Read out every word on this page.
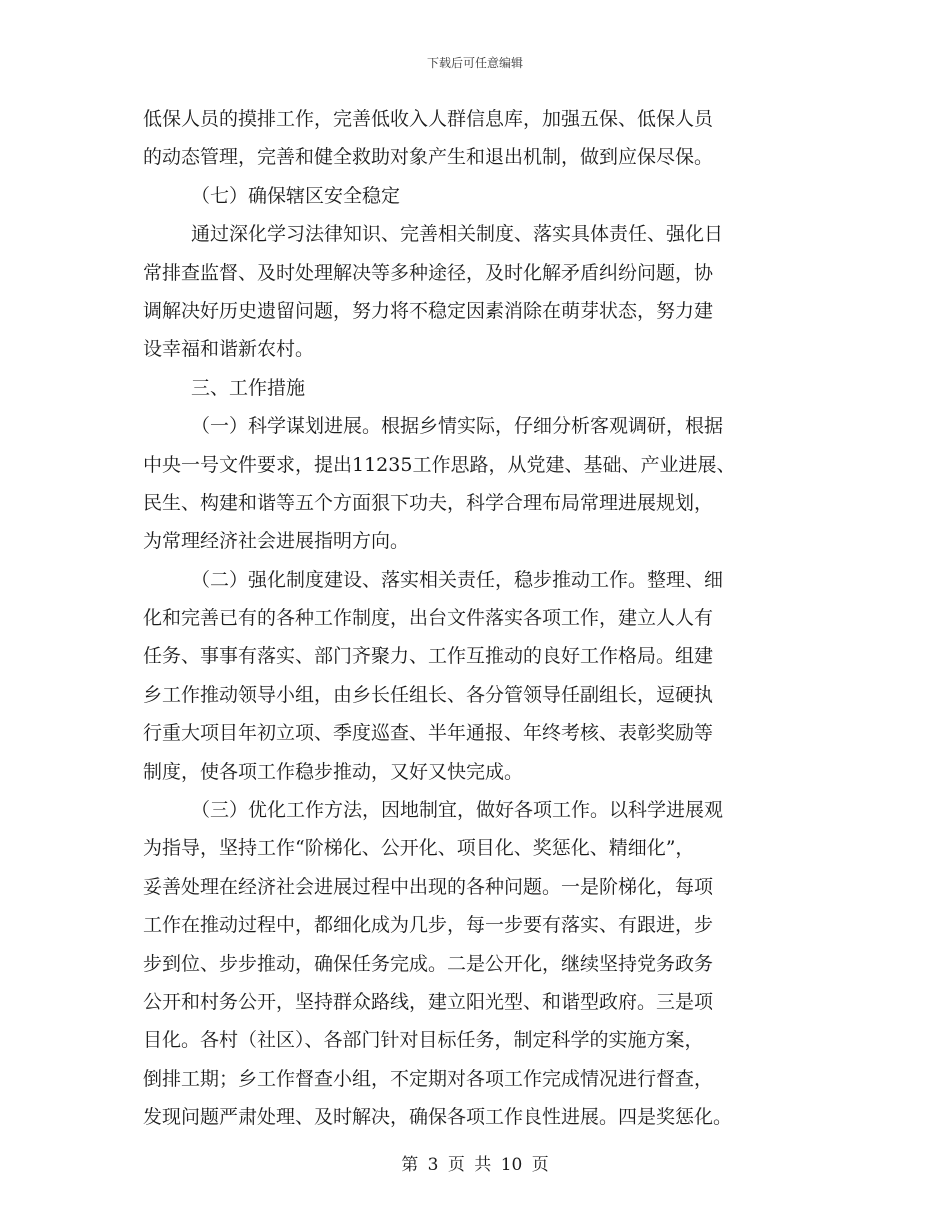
下载后可任意编辑
低保人员的摸排工作，完善低收入人群信息库，加强五保、低保人员
的动态管理，完善和健全救助对象产生和退出机制，做到应保尽保。
（七）确保辖区安全稳定
通过深化学习法律知识、完善相关制度、落实具体责任、强化日
常排查监督、及时处理解决等多种途径，及时化解矛盾纠纷问题，协
调解决好历史遗留问题，努力将不稳定因素消除在萌芽状态，努力建
设幸福和谐新农村。
三、工作措施
（一）科学谋划进展。根据乡情实际，仔细分析客观调研，根据
中央一号文件要求，提出11235工作思路，从党建、基础、产业进展、
民生、构建和谐等五个方面狠下功夫，科学合理布局常理进展规划，
为常理经济社会进展指明方向。
（二）强化制度建设、落实相关责任，稳步推动工作。整理、细
化和完善已有的各种工作制度，出台文件落实各项工作，建立人人有
任务、事事有落实、部门齐聚力、工作互推动的良好工作格局。组建
乡工作推动领导小组，由乡长任组长、各分管领导任副组长，逗硬执
行重大项目年初立项、季度巡查、半年通报、年终考核、表彰奖励等
制度，使各项工作稳步推动，又好又快完成。
（三）优化工作方法，因地制宜，做好各项工作。以科学进展观
为指导，坚持工作“阶梯化、公开化、项目化、奖惩化、精细化”，
妥善处理在经济社会进展过程中出现的各种问题。一是阶梯化，每项
工作在推动过程中，都细化成为几步，每一步要有落实、有跟进，步
步到位、步步推动，确保任务完成。二是公开化，继续坚持党务政务
公开和村务公开，坚持群众路线，建立阳光型、和谐型政府。三是项
目化。各村（社区）、各部门针对目标任务，制定科学的实施方案，
倒排工期；乡工作督查小组，不定期对各项工作完成情况进行督查，
发现问题严肃处理、及时解决，确保各项工作良性进展。四是奖惩化。
第 3 页 共 10 页
